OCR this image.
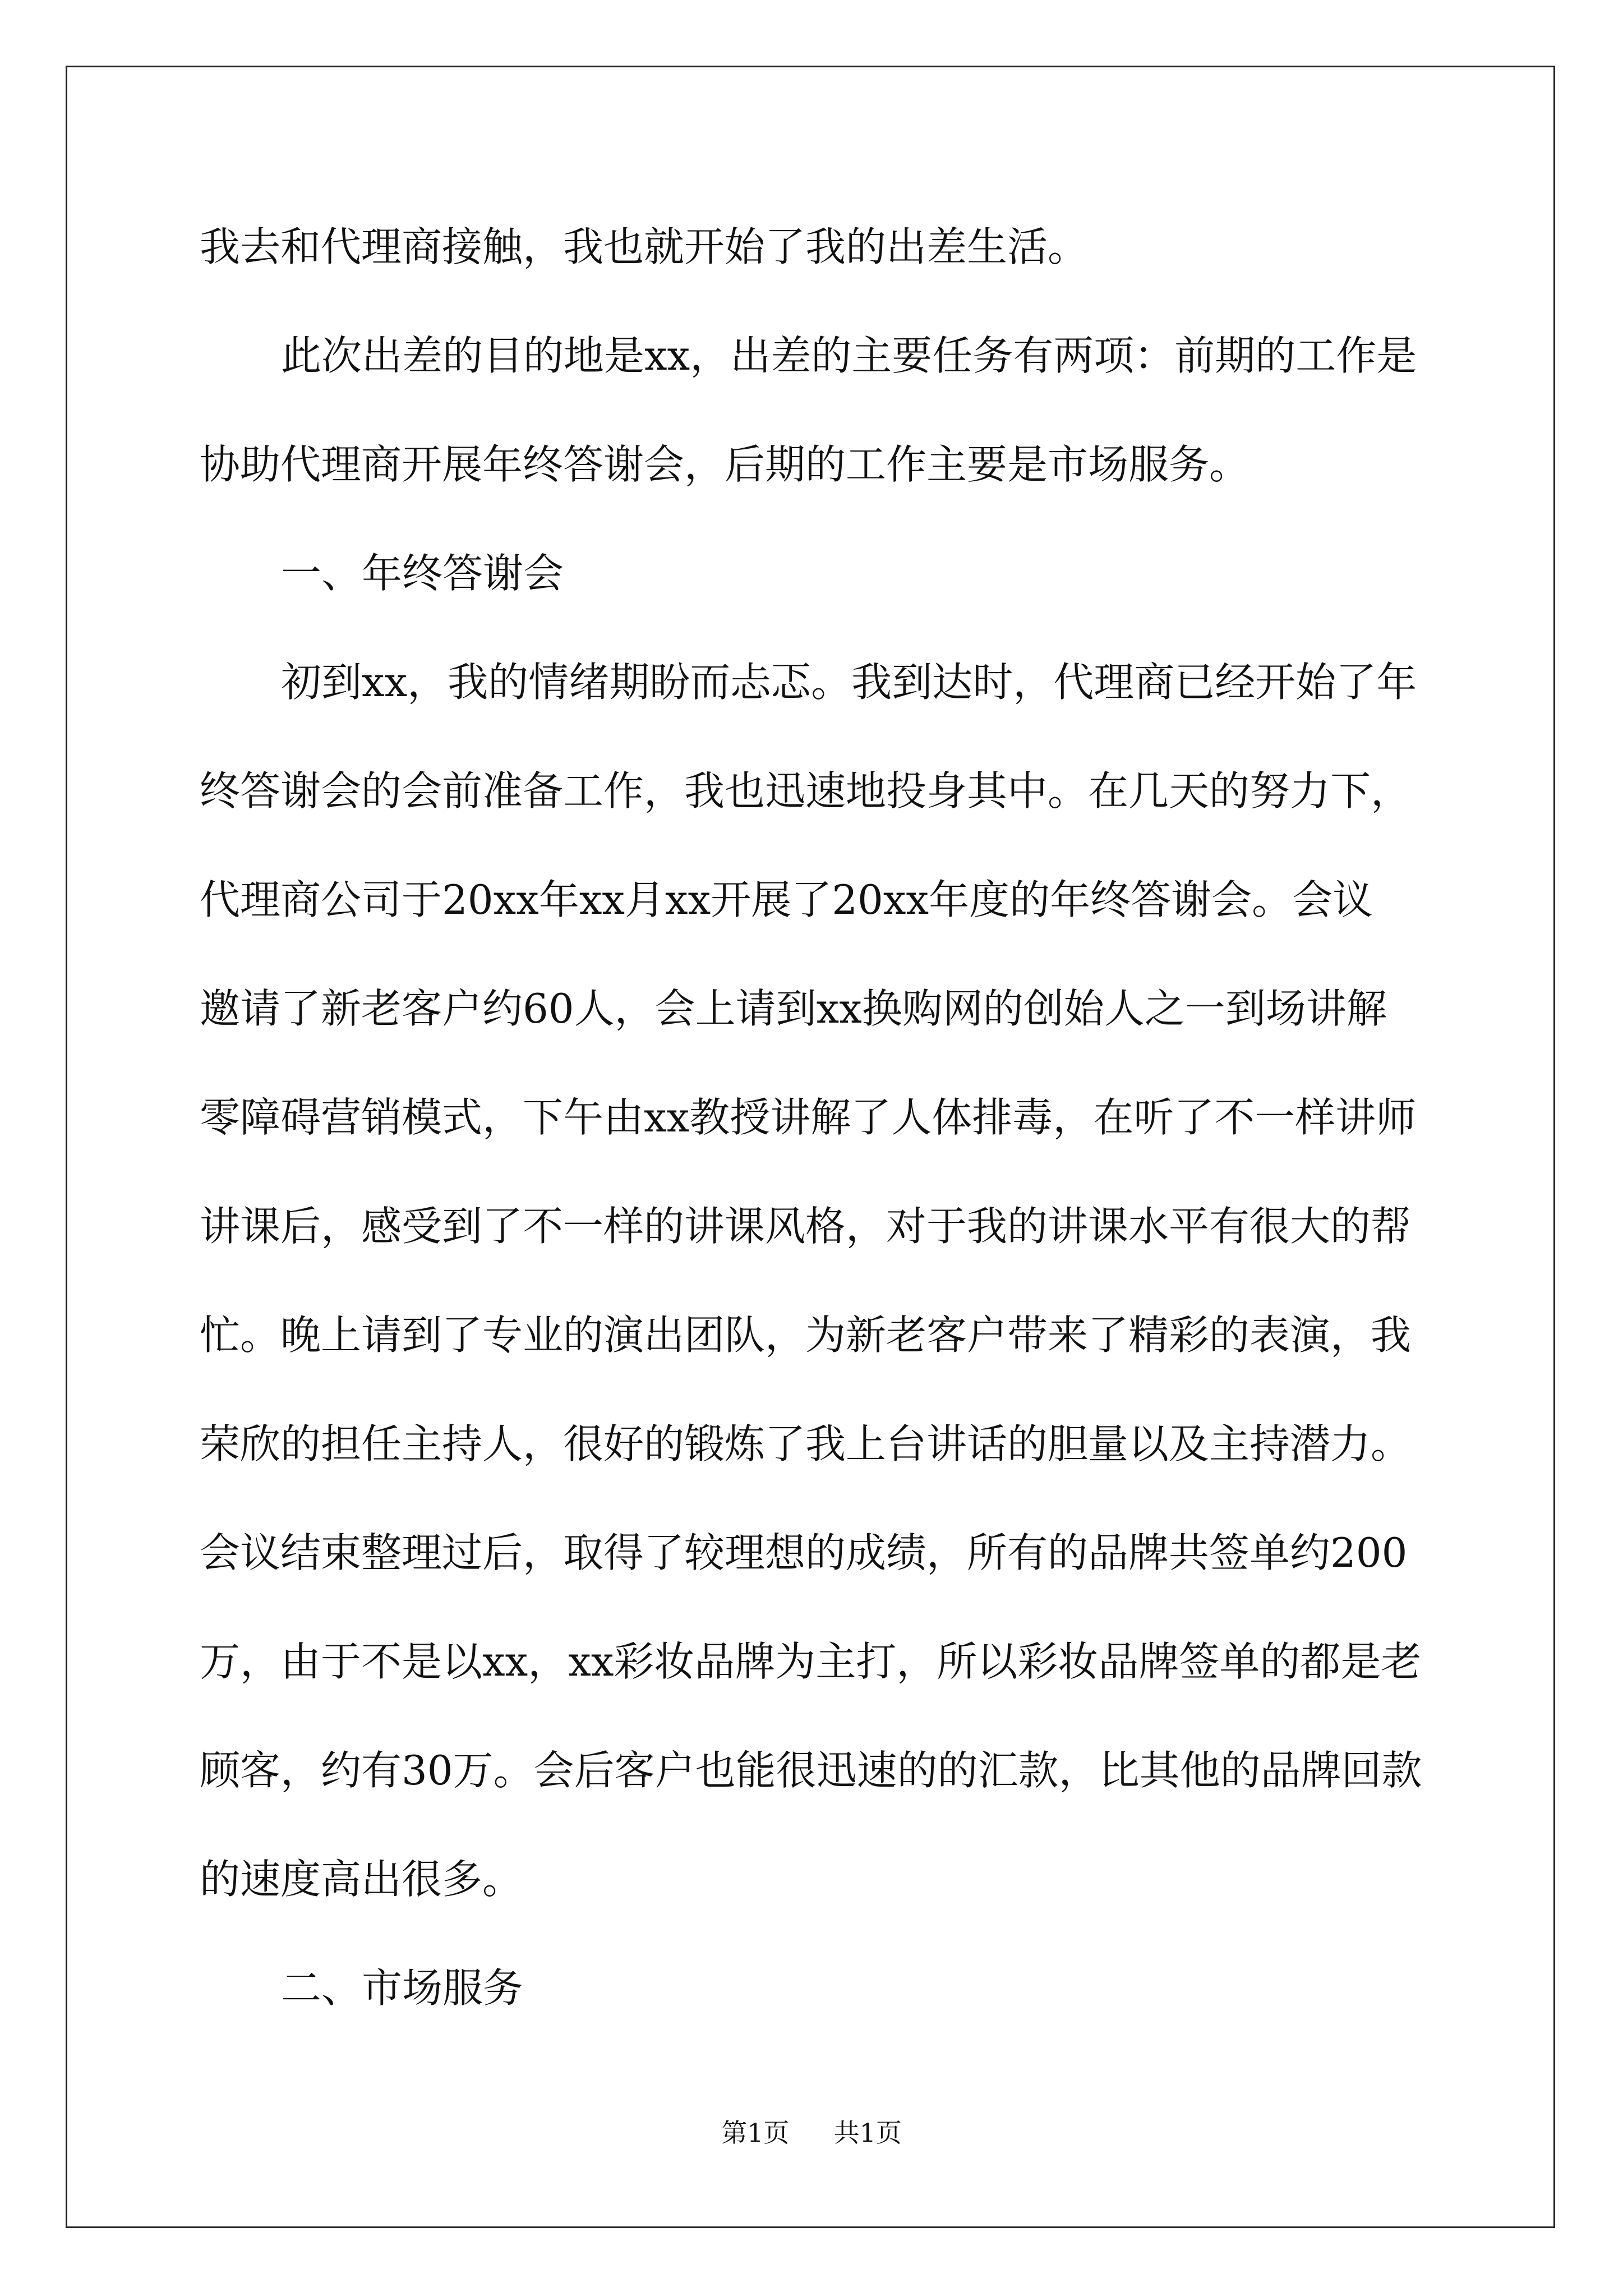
我去和代理商接触，我也就开始了我的出差生活。
此次出差的目的地是xx，出差的主要任务有两项：前期的工作是
协助代理商开展年终答谢会，后期的工作主要是市场服务。
一、年终答谢会
初到xx，我的情绪期盼而忐忑。我到达时，代理商已经开始了年
终答谢会的会前准备工作，我也迅速地投身其中。在几天的努力下，
代理商公司于20xx年xx月xx开展了20xx年度的年终答谢会。会议
邀请了新老客户约60人，会上请到xx换购网的创始人之一到场讲解
零障碍营销模式，下午由xx教授讲解了人体排毒，在听了不一样讲师
讲课后，感受到了不一样的讲课风格，对于我的讲课水平有很大的帮
忙。晚上请到了专业的演出团队，为新老客户带来了精彩的表演，我
荣欣的担任主持人，很好的锻炼了我上台讲话的胆量以及主持潜力。
会议结束整理过后，取得了较理想的成绩，所有的品牌共签单约200
万，由于不是以xx，xx彩妆品牌为主打，所以彩妆品牌签单的都是老
顾客，约有30万。会后客户也能很迅速的的汇款，比其他的品牌回款
的速度高出很多。
二、市场服务
第1页 共1页
